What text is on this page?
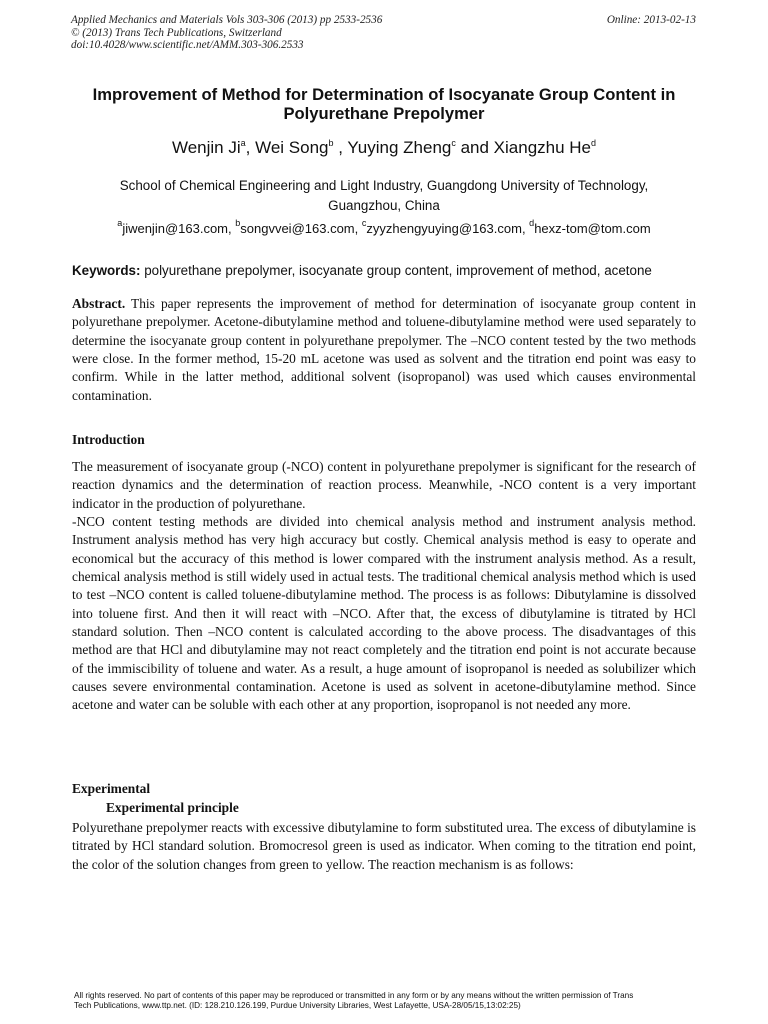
Applied Mechanics and Materials Vols 303-306 (2013) pp 2533-2536
© (2013) Trans Tech Publications, Switzerland
doi:10.4028/www.scientific.net/AMM.303-306.2533
Online: 2013-02-13
Improvement of Method for Determination of Isocyanate Group Content in Polyurethane Prepolymer
Wenjin Ji$^a$, Wei Song$^b$ , Yuying Zheng$^c$ and Xiangzhu He$^d$
School of Chemical Engineering and Light Industry, Guangdong University of Technology,
Guangzhou, China
$^a$jiwenjin@163.com, $^b$songvvei@163.com, $^c$zyyzhengyuying@163.com, $^d$hexz-tom@tom.com
Keywords: polyurethane prepolymer, isocyanate group content, improvement of method, acetone

Abstract. This paper represents the improvement of method for determination of isocyanate group content in polyurethane prepolymer. Acetone-dibutylamine method and toluene-dibutylamine method were used separately to determine the isocyanate group content in polyurethane prepolymer. The –NCO content tested by the two methods were close. In the former method, 15-20 mL acetone was used as solvent and the titration end point was easy to confirm. While in the latter method, additional solvent (isopropanol) was used which causes environmental contamination.

Introduction

The measurement of isocyanate group (-NCO) content in polyurethane prepolymer is significant for the research of reaction dynamics and the determination of reaction process. Meanwhile, -NCO content is a very important indicator in the production of polyurethane.

-NCO content testing methods are divided into chemical analysis method and instrument analysis method. Instrument analysis method has very high accuracy but costly. Chemical analysis method is easy to operate and economical but the accuracy of this method is lower compared with the instrument analysis method. As a result, chemical analysis method is still widely used in actual tests. The traditional chemical analysis method which is used to test –NCO content is called toluene-dibutylamine method. The process is as follows: Dibutylamine is dissolved into toluene first. And then it will react with –NCO. After that, the excess of dibutylamine is titrated by HCl standard solution. Then –NCO content is calculated according to the above process. The disadvantages of this method are that HCl and dibutylamine may not react completely and the titration end point is not accurate because of the immiscibility of toluene and water. As a result, a huge amount of isopropanol is needed as solubilizer which causes severe environmental contamination. Acetone is used as solvent in acetone-dibutylamine method. Since acetone and water can be soluble with each other at any proportion, isopropanol is not needed any more.

Experimental
Experimental principle

Polyurethane prepolymer reacts with excessive dibutylamine to form substituted urea. The excess of dibutylamine is titrated by HCl standard solution. Bromocresol green is used as indicator. When coming to the titration end point, the color of the solution changes from green to yellow. The reaction mechanism is as follows:

All rights reserved. No part of contents of this paper may be reproduced or transmitted in any form or by any means without the written permission of Trans
Tech Publications, www.ttp.net. (ID: 128.210.126.199, Purdue University Libraries, West Lafayette, USA-28/05/15,13:02:25)
